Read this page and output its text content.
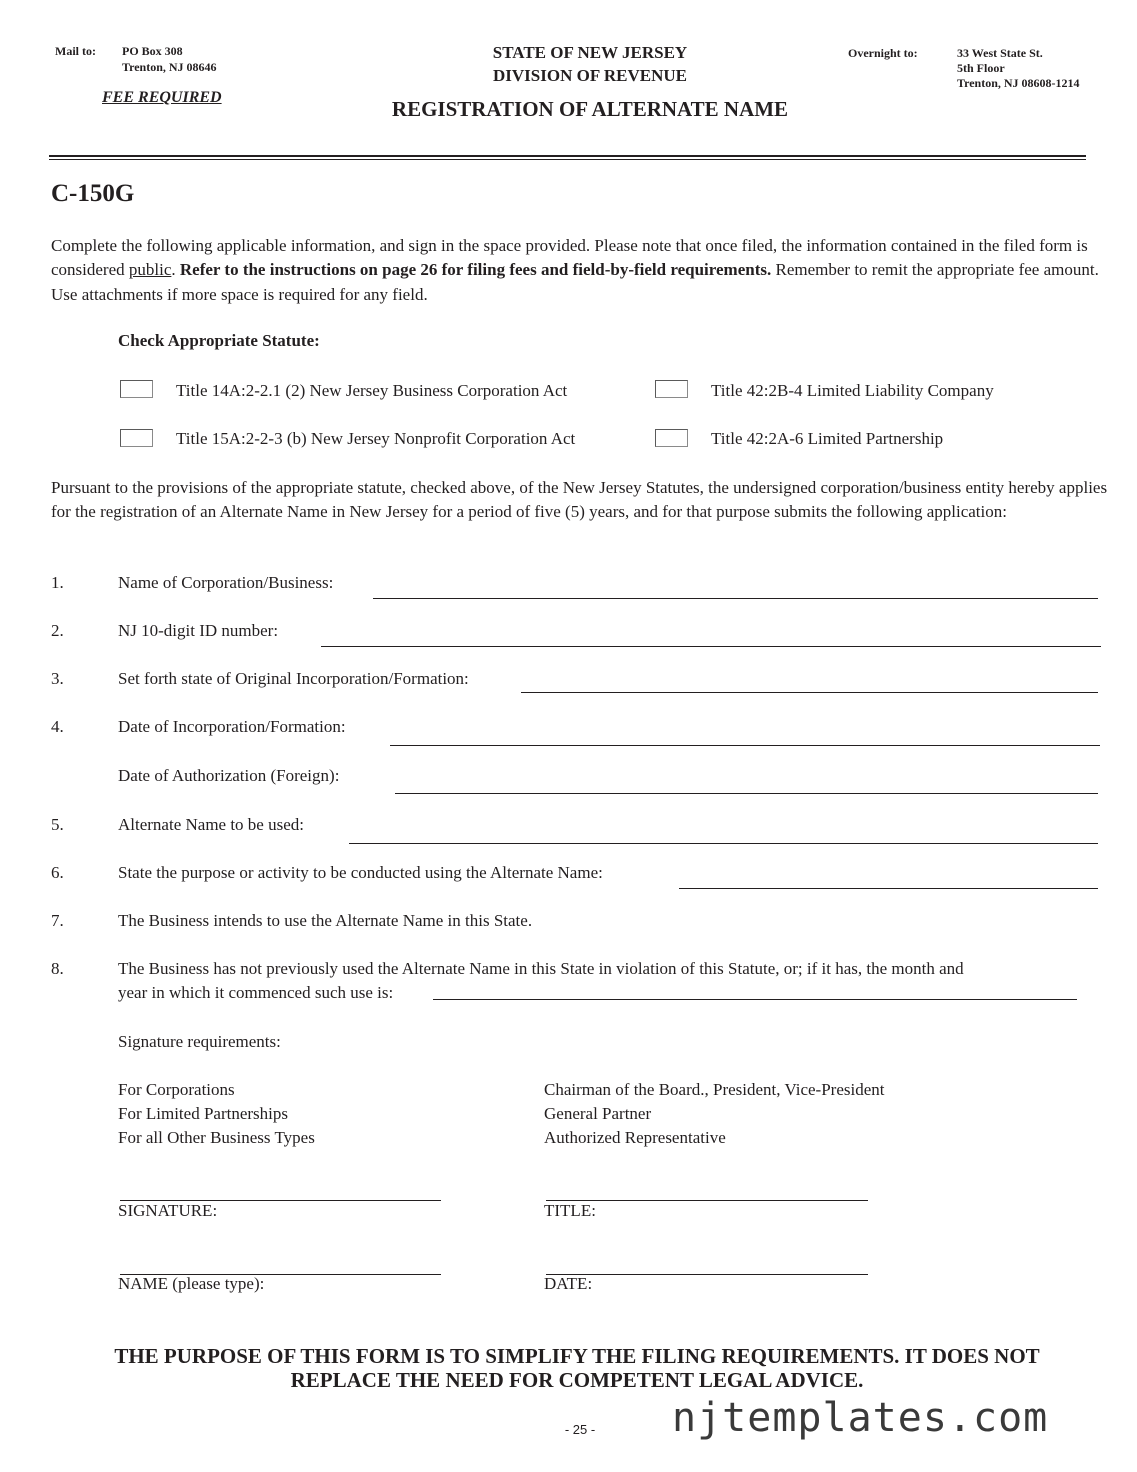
Mail to: PO Box 308
Trenton, NJ 08646
FEE REQUIRED
STATE OF NEW JERSEY
DIVISION OF REVENUE
REGISTRATION OF ALTERNATE NAME
Overnight to:	33 West State St.
5th Floor
Trenton, NJ 08608-1214
C-150G
Complete the following applicable information, and sign in the space provided. Please note that once filed, the information contained in the filed form is considered public. Refer to the instructions on page 26 for filing fees and field-by-field requirements. Remember to remit the appropriate fee amount. Use attachments if more space is required for any field.
Check Appropriate Statute:
Title 14A:2-2.1 (2) New Jersey Business Corporation Act	Title 42:2B-4 Limited Liability Company
Title 15A:2-2-3 (b) New Jersey Nonprofit Corporation Act	Title 42:2A-6 Limited Partnership
Pursuant to the provisions of the appropriate statute, checked above, of the New Jersey Statutes, the undersigned corporation/business entity hereby applies for the registration of an Alternate Name in New Jersey for a period of five (5) years, and for that purpose submits the following application:
1.	Name of Corporation/Business:
2.	NJ 10-digit ID number:
3.	Set forth state of Original Incorporation/Formation:
4.	Date of Incorporation/Formation:
Date of Authorization (Foreign):
5.	Alternate Name to be used:
6.	State the purpose or activity to be conducted using the Alternate Name:
7.	The Business intends to use the Alternate Name in this State.
8.	The Business has not previously used the Alternate Name in this State in violation of this Statute, or; if it has, the month and
year in which it commenced such use is:
Signature requirements:
For Corporations	Chairman of the Board., President, Vice-President
For Limited Partnerships	General Partner
For all Other Business Types	Authorized Representative
SIGNATURE:	TITLE:
NAME (please type):	DATE:
THE PURPOSE OF THIS FORM IS TO SIMPLIFY THE FILING REQUIREMENTS. IT DOES NOT
REPLACE THE NEED FOR COMPETENT LEGAL ADVICE.
- 25 - njtemplates.com
